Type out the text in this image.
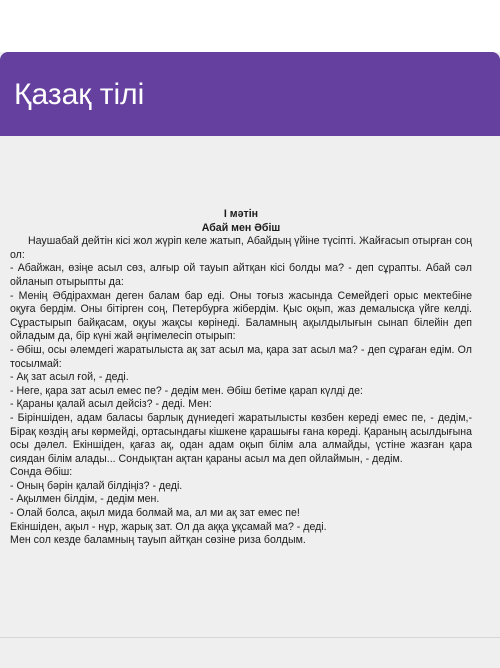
Қазақ тілі
І мәтін
Абай мен Әбіш

Наушабай дейтін кісі жол жүріп келе жатып, Абайдың үйіне түсіпті. Жайғасып отырған соң ол:

- Абайжан, өзіңе асыл сөз, алғыр ой тауып айтқан кісі болды ма? - деп сұрапты. Абай сәл ойланып отырыпты да:

- Менің Әбдірахман деген балам бар еді. Оны тоғыз жасында Семейдегі орыс мектебіне оқуға бердім. Оны бітірген соң, Петербурға жібердім. Қыс оқып, жаз демалысқа үйге келді. Сұрастырып байқасам, оқуы жақсы көрінеді. Баламның ақылдылығын сынап білейін деп ойладым да, бір күні жай әңгімелесіп отырып:

- Әбіш, осы әлемдегі жаратылыста ақ зат асыл ма, қара зат асыл ма? - деп сұраған едім. Ол тосылмай:

- Ақ зат асыл ғой, - деді.

- Неге, қара зат асыл емес пе? - дедім мен. Әбіш бетіме қарап күлді де:

- Қараны қалай асыл дейсіз? - деді. Мен:

- Біріншіден, адам баласы барлық дүниедегі жаратылысты көзбен кереді емес пе, - дедім,- Бірақ көздің ағы көрмейді, ортасындағы кішкене қарашығы ғана көреді. Қараның асылдығына осы дәлел. Екіншіден, қағаз ақ, одан адам оқып білім ала алмайды, үстіне жазған қара сиядан білім алады... Сондықтан ақтан қараны асыл ма деп ойлаймын, - дедім.

Сонда Әбіш:

- Оның бәрін қалай білдіңіз? - деді.

- Ақылмен білдім, - дедім мен.

- Олай болса, ақыл мида болмай ма, ал ми ақ зат емес пе!

Екіншіден, ақыл - нұр, жарық зат. Ол да аққа ұқсамай ма? - деді.

Мен сол кезде баламның тауып айтқан сөзіне риза болдым.
